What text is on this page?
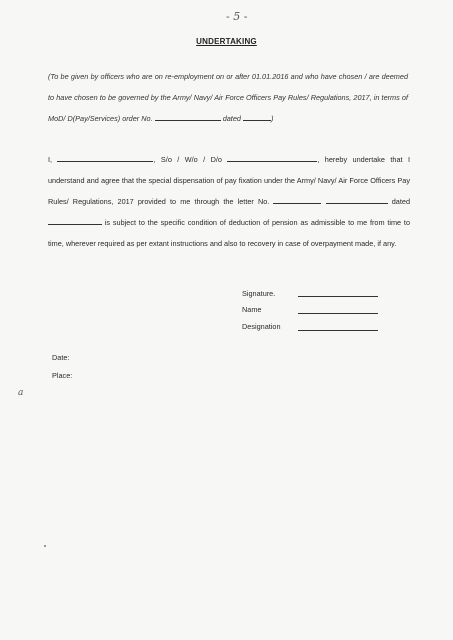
- 5 -
UNDERTAKING
(To be given by officers who are on re-employment on or after 01.01.2016 and who have chosen / are deemed to have chosen to be governed by the Army/ Navy/ Air Force Officers Pay Rules/ Regulations, 2017, in terms of MoD/ D(Pay/Services) order No.	dated	)
I,	, S/o / W/o / D/o	, hereby undertake that I understand and agree that the special dispensation of pay fixation under the Army/ Navy/ Air Force Officers Pay Rules/ Regulations, 2017 provided to me through the letter No.	dated  is subject to the specific condition of deduction of pension as admissible to me from time to time, wherever required as per extant instructions and also to recovery in case of overpayment made, if any.
Signature.
Name
Designation
Date:
Place:
a
